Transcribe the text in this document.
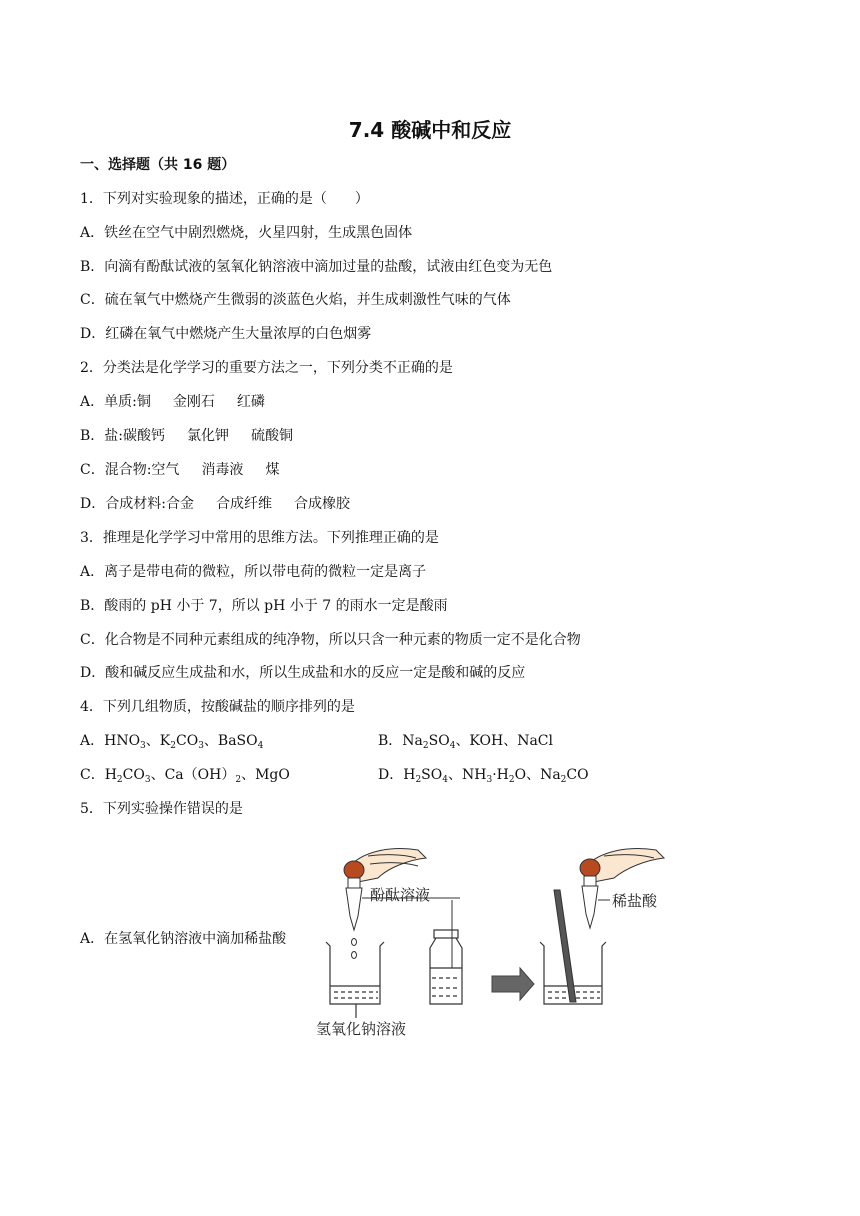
7.4 酸碱中和反应
一、选择题（共 16 题）
1．下列对实验现象的描述，正确的是（　　）
A．铁丝在空气中剧烈燃烧，火星四射，生成黑色固体
B．向滴有酚酞试液的氢氧化钠溶液中滴加过量的盐酸，试液由红色变为无色
C．硫在氧气中燃烧产生微弱的淡蓝色火焰，并生成刺激性气味的气体
D．红磷在氧气中燃烧产生大量浓厚的白色烟雾
2．分类法是化学学习的重要方法之一，下列分类不正确的是
A．单质:铜 金刚石 红磷
B．盐:碳酸钙 氯化钾 硫酸铜
C．混合物:空气 消毒液 煤
D．合成材料:合金 合成纤维 合成橡胶
3．推理是化学学习中常用的思维方法。下列推理正确的是
A．离子是带电荷的微粒，所以带电荷的微粒一定是离子
B．酸雨的 pH 小于 7，所以 pH 小于 7 的雨水一定是酸雨
C．化合物是不同种元素组成的纯净物，所以只含一种元素的物质一定不是化合物
D．酸和碱反应生成盐和水，所以生成盐和水的反应一定是酸和碱的反应
4．下列几组物质，按酸碱盐的顺序排列的是
A．$HNO_3$、$K_2CO_3$、BaSO$_4$	B．$Na_2SO_4$、KOH、NaCl
C．$H_2CO_3$、$Ca(OH)_2$、MgO	D．$H_2SO_4$、$NH_3\cdot H_2O$、$Na_2CO$
5．下列实验操作错误的是
A．在氢氧化钠溶液中滴加稀盐酸
氢氧化钠溶液
酚酞溶液	稀盐酸
